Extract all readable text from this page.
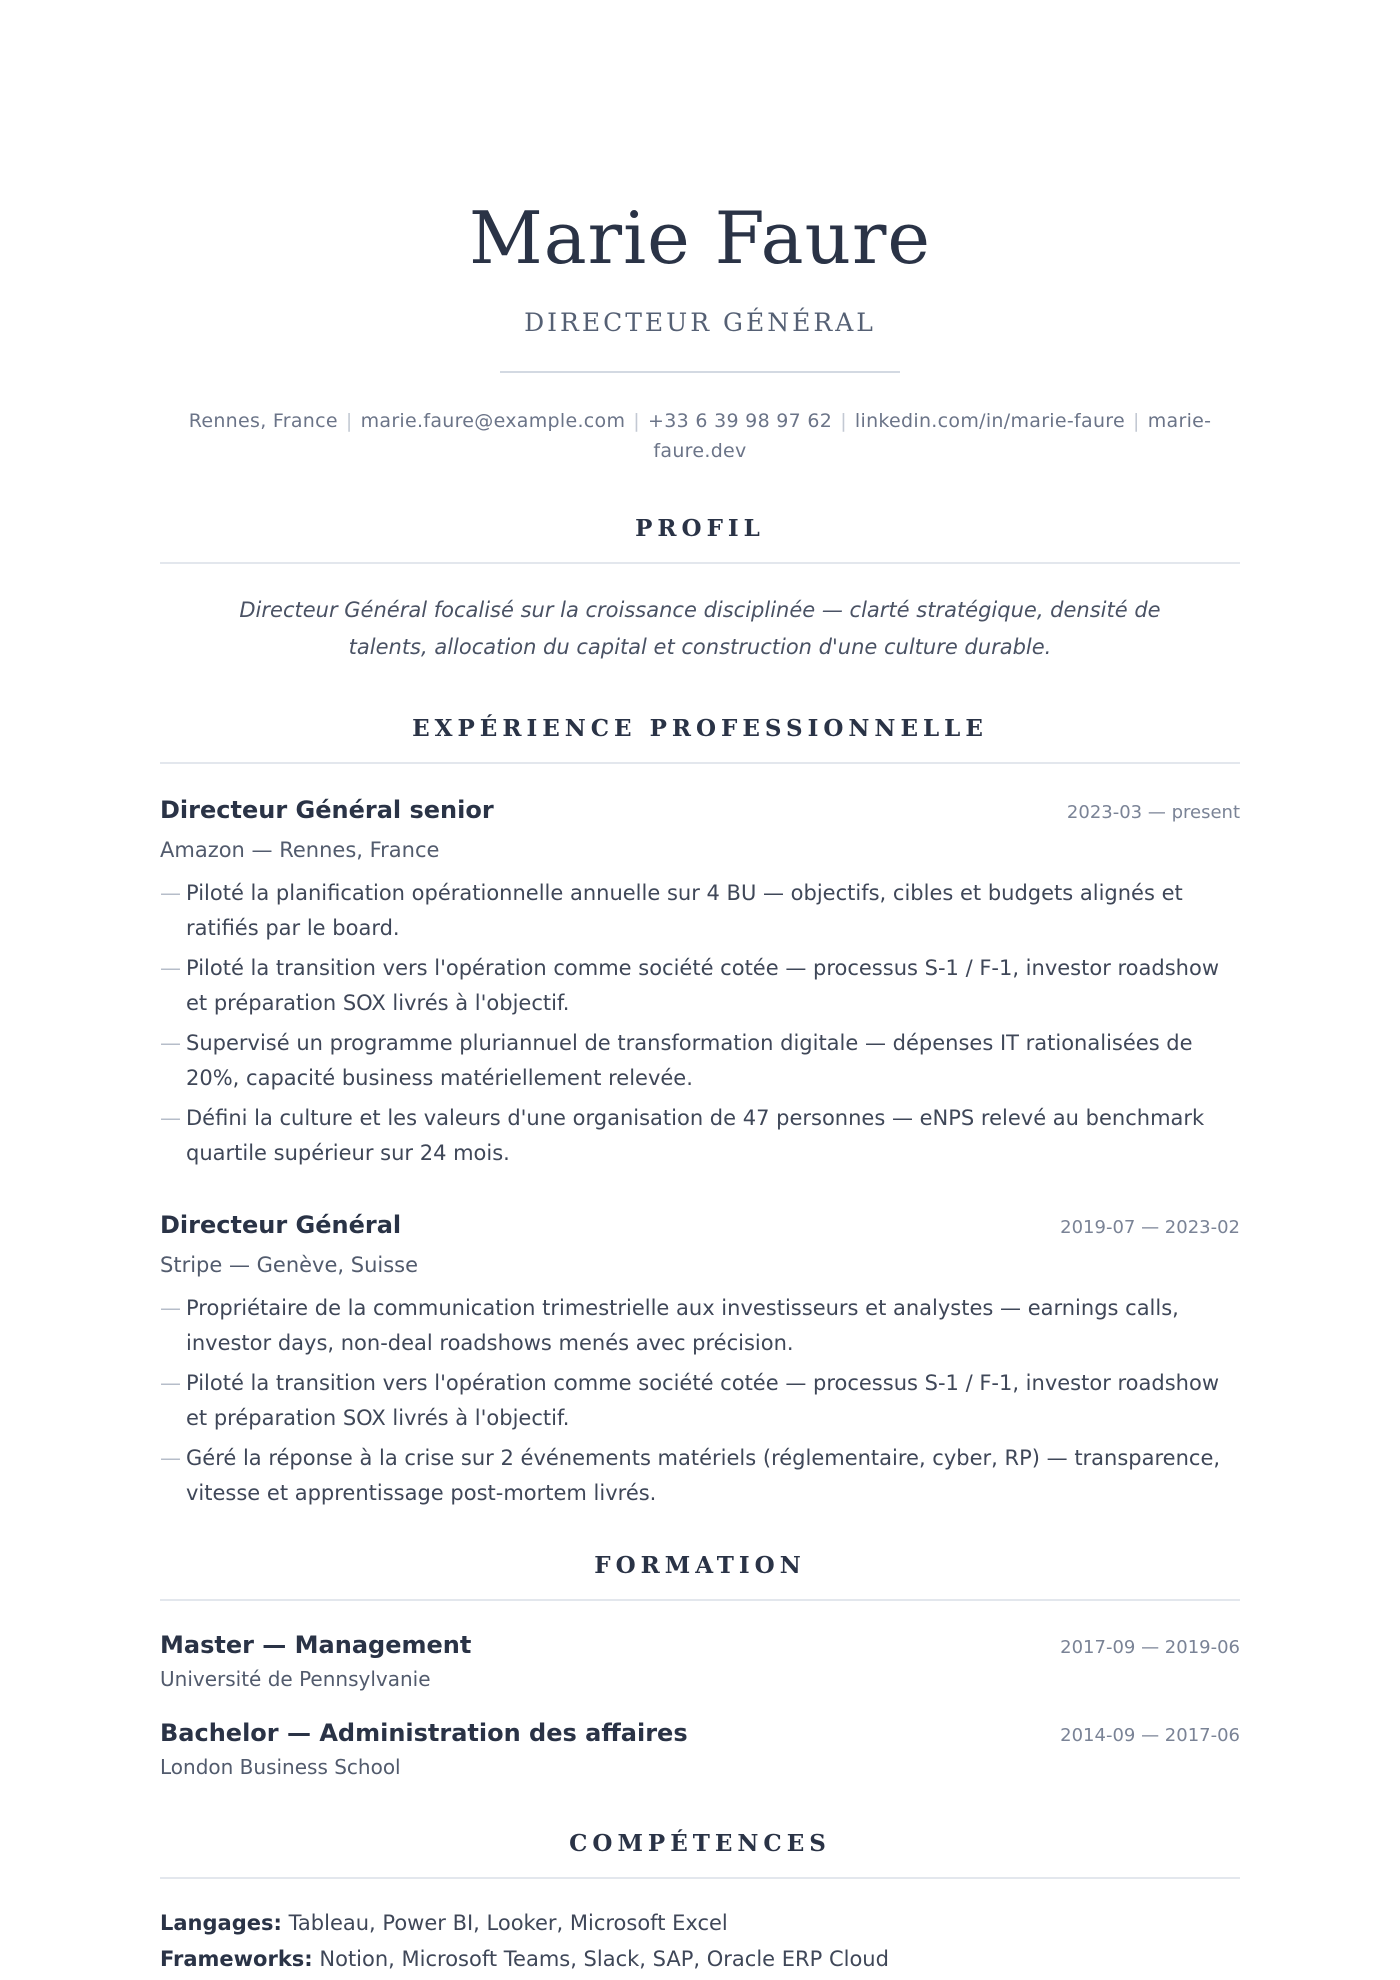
Marie Faure
DIRECTEUR GÉNÉRAL
Rennes, France | marie.faure@example.com | +33 6 39 98 97 62 | linkedin.com/in/marie-faure | marie-faure.dev
PROFIL

Directeur Général focalisé sur la croissance disciplinée — clarté stratégique, densité de talents, allocation du capital et construction d'une culture durable.

EXPÉRIENCE PROFESSIONNELLE
Directeur Général senior	2023-03 — present
Amazon — Rennes, France
— Piloté la planification opérationnelle annuelle sur 4 BU — objectifs, cibles et budgets alignés et ratifiés par le board.
— Piloté la transition vers l'opération comme société cotée — processus S-1 / F-1, investor roadshow et préparation SOX livrés à l'objectif.
— Supervisé un programme pluriannuel de transformation digitale — dépenses IT rationalisées de 20%, capacité business matériellement relevée.
— Défini la culture et les valeurs d'une organisation de 47 personnes — eNPS relevé au benchmark quartile supérieur sur 24 mois.
Directeur Général	2019-07 — 2023-02
Stripe — Genève, Suisse
— Propriétaire de la communication trimestrielle aux investisseurs et analystes — earnings calls, investor days, non-deal roadshows menés avec précision.
— Piloté la transition vers l'opération comme société cotée — processus S-1 / F-1, investor roadshow et préparation SOX livrés à l'objectif.
— Géré la réponse à la crise sur 2 événements matériels (réglementaire, cyber, RP) — transparence, vitesse et apprentissage post-mortem livrés.
FORMATION
Master — Management	2017-09 — 2019-06
Université de Pennsylvanie
Bachelor — Administration des affaires	2014-09 — 2017-06
London Business School
COMPÉTENCES
Langages: Tableau, Power BI, Looker, Microsoft Excel
Frameworks: Notion, Microsoft Teams, Slack, SAP, Oracle ERP Cloud
